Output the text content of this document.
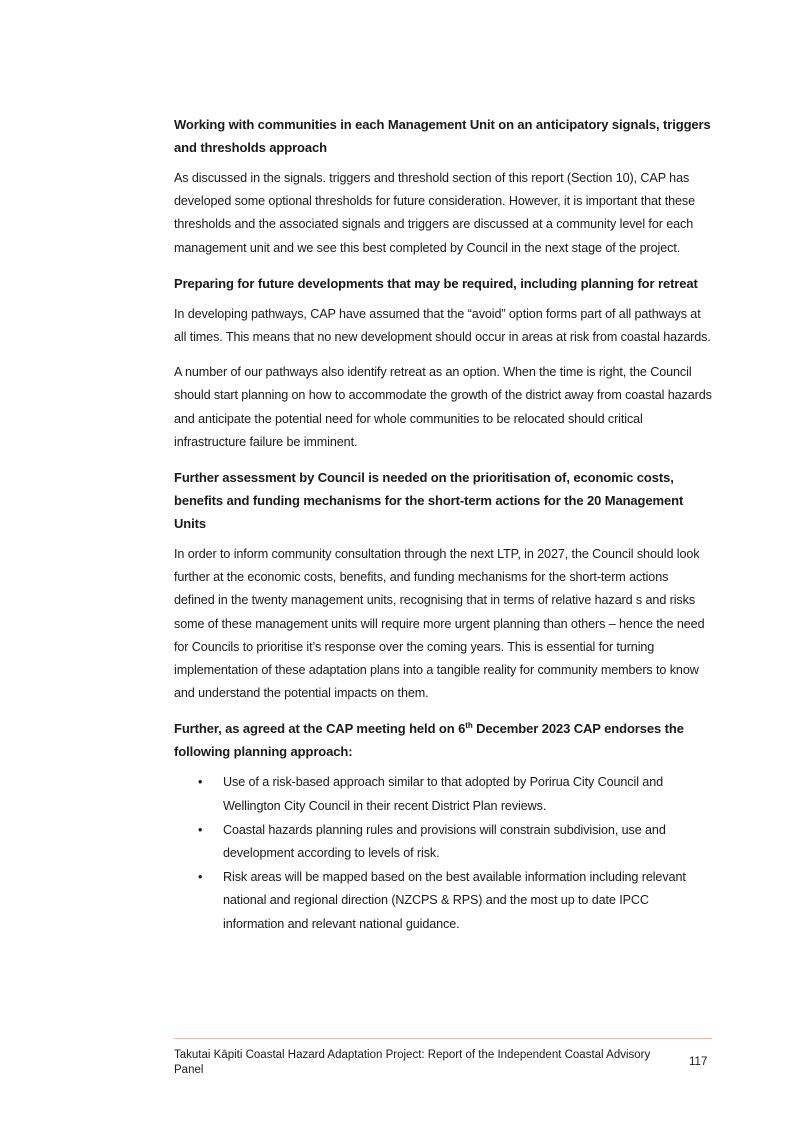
Working with communities in each Management Unit on an anticipatory signals, triggers and thresholds approach

As discussed in the signals. triggers and threshold section of this report (Section 10), CAP has developed some optional thresholds for future consideration. However, it is important that these thresholds and the associated signals and triggers are discussed at a community level for each management unit and we see this best completed by Council in the next stage of the project.

Preparing for future developments that may be required, including planning for retreat

In developing pathways, CAP have assumed that the “avoid” option forms part of all pathways at all times. This means that no new development should occur in areas at risk from coastal hazards.

A number of our pathways also identify retreat as an option. When the time is right, the Council should start planning on how to accommodate the growth of the district away from coastal hazards and anticipate the potential need for whole communities to be relocated should critical infrastructure failure be imminent.

Further assessment by Council is needed on the prioritisation of, economic costs, benefits and funding mechanisms for the short-term actions for the 20 Management Units

In order to inform community consultation through the next LTP, in 2027, the Council should look further at the economic costs, benefits, and funding mechanisms for the short-term actions defined in the twenty management units, recognising that in terms of relative hazard s and risks some of these management units will require more urgent planning than others – hence the need for Councils to prioritise it’s response over the coming years. This is essential for turning implementation of these adaptation plans into a tangible reality for community members to know and understand the potential impacts on them.

Further, as agreed at the CAP meeting held on 6th December 2023 CAP endorses the following planning approach:
• Use of a risk-based approach similar to that adopted by Porirua City Council and Wellington City Council in their recent District Plan reviews.
• Coastal hazards planning rules and provisions will constrain subdivision, use and development according to levels of risk.
• Risk areas will be mapped based on the best available information including relevant national and regional direction (NZCPS & RPS) and the most up to date IPCC information and relevant national guidance.
Takutai Kāpiti Coastal Hazard Adaptation Project: Report of the Independent Coastal Advisory Panel
117
